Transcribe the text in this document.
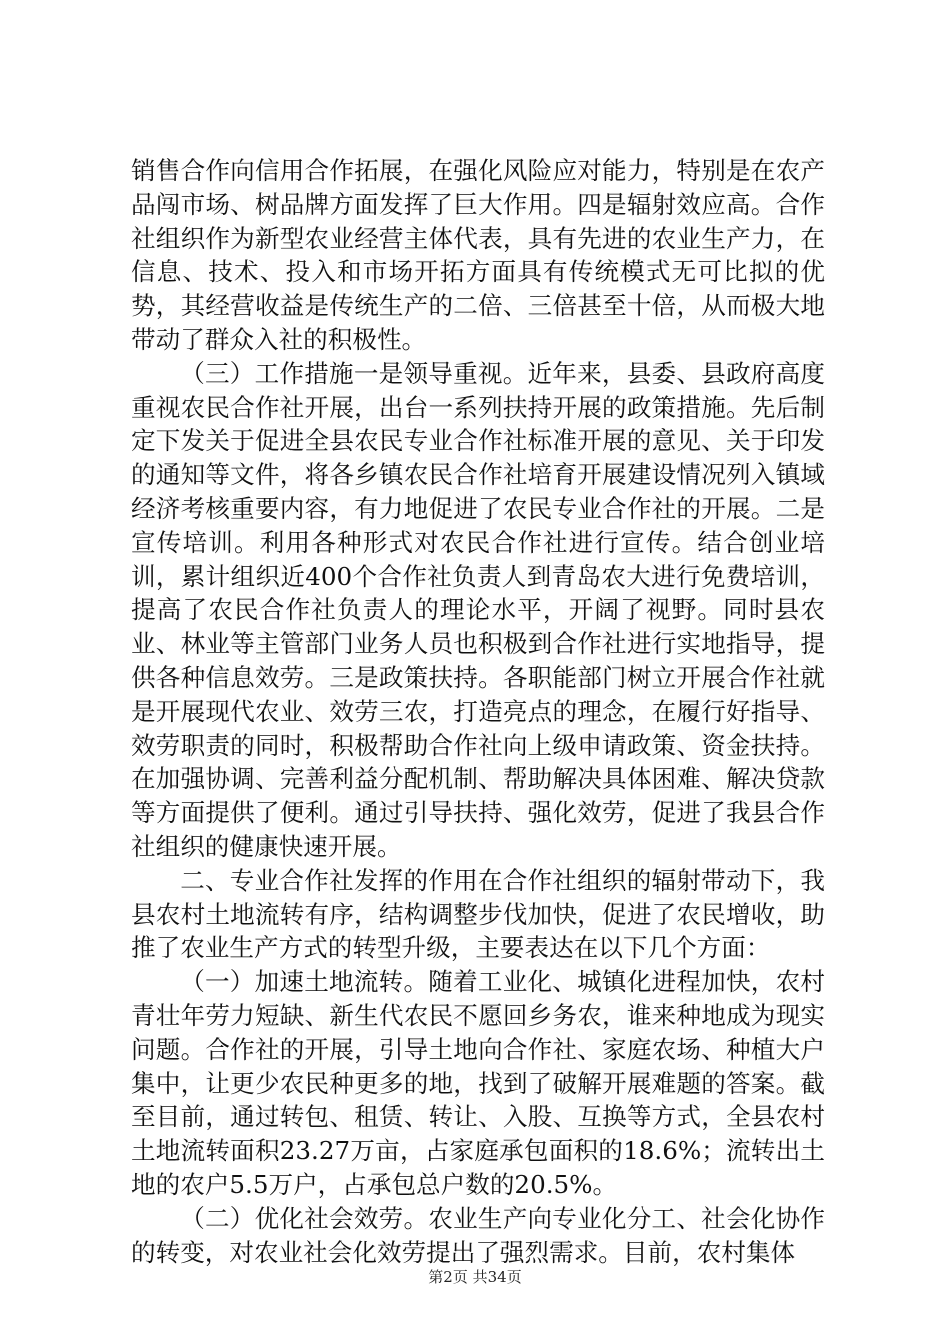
销售合作向信用合作拓展，在强化风险应对能力，特别是在农产品闯市场、树品牌方面发挥了巨大作用。四是辐射效应高。合作社组织作为新型农业经营主体代表，具有先进的农业生产力，在信息、技术、投入和市场开拓方面具有传统模式无可比拟的优势，其经营收益是传统生产的二倍、三倍甚至十倍，从而极大地带动了群众入社的积极性。

（三）工作措施一是领导重视。近年来，县委、县政府高度重视农民合作社开展，出台一系列扶持开展的政策措施。先后制定下发关于促进全县农民专业合作社标准开展的意见、关于印发的通知等文件，将各乡镇农民合作社培育开展建设情况列入镇域经济考核重要内容，有力地促进了农民专业合作社的开展。二是宣传培训。利用各种形式对农民合作社进行宣传。结合创业培训，累计组织近400个合作社负责人到青岛农大进行免费培训，提高了农民合作社负责人的理论水平，开阔了视野。同时县农业、林业等主管部门业务人员也积极到合作社进行实地指导，提供各种信息效劳。三是政策扶持。各职能部门树立开展合作社就是开展现代农业、效劳三农，打造亮点的理念，在履行好指导、效劳职责的同时，积极帮助合作社向上级申请政策、资金扶持。在加强协调、完善利益分配机制、帮助解决具体困难、解决贷款等方面提供了便利。通过引导扶持、强化效劳，促进了我县合作社组织的健康快速开展。

二、专业合作社发挥的作用在合作社组织的辐射带动下，我县农村土地流转有序，结构调整步伐加快，促进了农民增收，助推了农业生产方式的转型升级，主要表达在以下几个方面：

（一）加速土地流转。随着工业化、城镇化进程加快，农村青壮年劳力短缺、新生代农民不愿回乡务农，谁来种地成为现实问题。合作社的开展，引导土地向合作社、家庭农场、种植大户集中，让更少农民种更多的地，找到了破解开展难题的答案。截至目前，通过转包、租赁、转让、入股、互换等方式，全县农村土地流转面积23.27万亩，占家庭承包面积的18.6%；流转出土地的农户5.5万户，占承包总户数的20.5%。

（二）优化社会效劳。农业生产向专业化分工、社会化协作的转变，对农业社会化效劳提出了强烈需求。目前，农村集体

第2页 共34页
